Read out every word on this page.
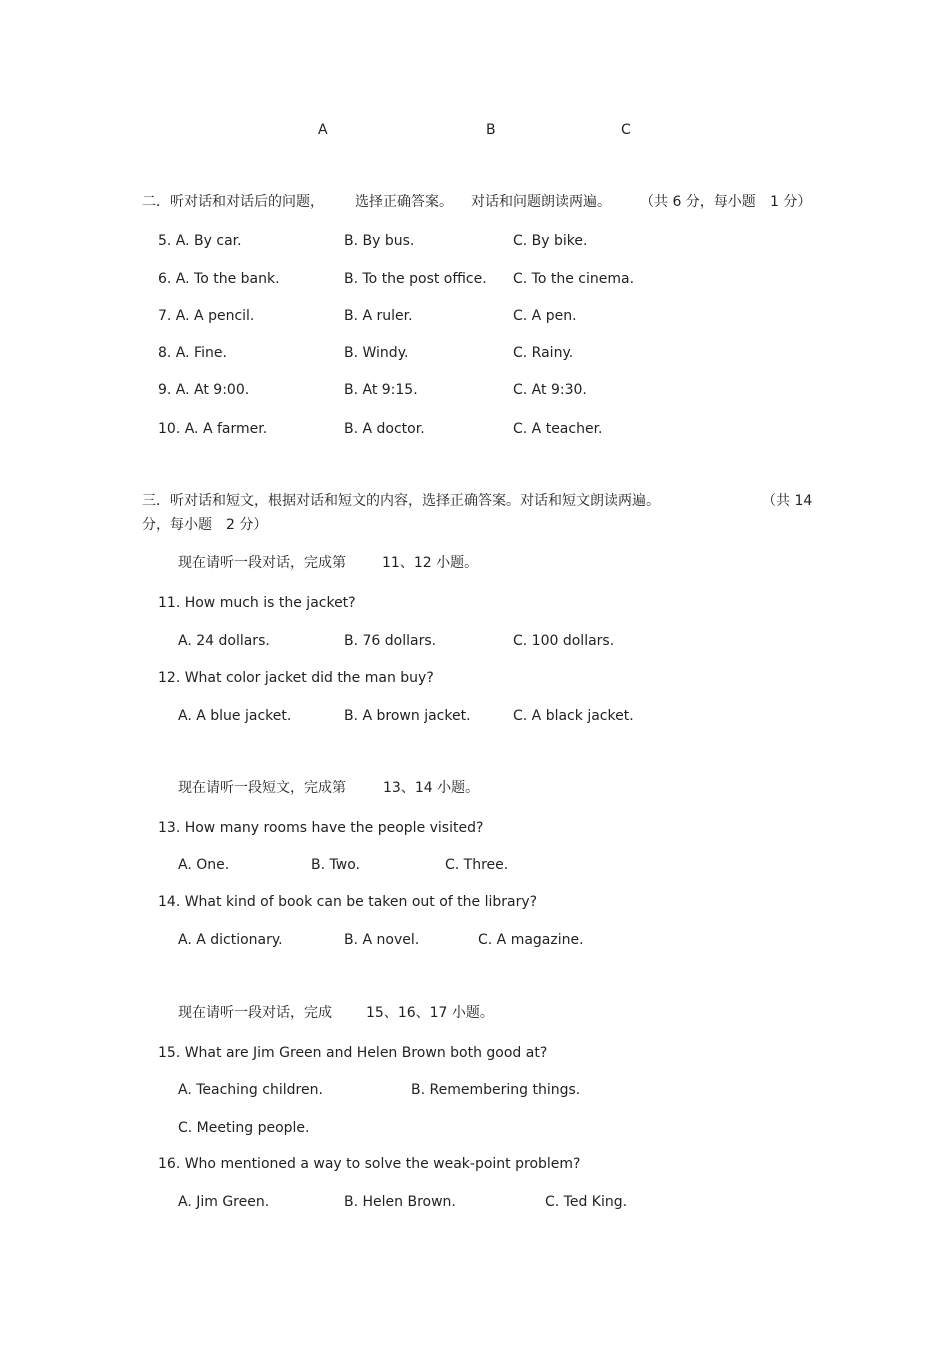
A	B	C
二．听对话和对话后的问题， 选择正确答案。 对话和问题朗读两遍。 （共 6 分，每小题 1 分）
5. A. By car.	B. By bus.	C. By bike.
6. A. To the bank.	B. To the post office. C. To the cinema.
7. A. A pencil.	B. A ruler.	C. A pen.
8. A. Fine.	B. Windy.	C. Rainy.
9. A. At 9:00.	B. At 9:15.	C. At 9:30.
10. A. A farmer.	B. A doctor.	C. A teacher.
三．听对话和短文，根据对话和短文的内容，选择正确答案。对话和短文朗读两遍。	（共 14
分，每小题　2 分）
现在请听一段对话，完成第	11、12 小题。
11. How much is the jacket?
A. 24 dollars.	B. 76 dollars.	C. 100 dollars.
12. What color jacket did the man buy?
A. A blue jacket.	B. A brown jacket.	C. A black jacket.
现在请听一段短文，完成第	13、14 小题。
13. How many rooms have the people visited?
A. One.	B. Two.	C. Three.
14. What kind of book can be taken out of the library?
A. A dictionary.	B. A novel.	C. A magazine.
现在请听一段对话，完成 15、16、17 小题。
15. What are Jim Green and Helen Brown both good at?
A. Teaching children.	B. Remembering things.
C. Meeting people.
16. Who mentioned a way to solve the weak-point problem?
A. Jim Green.	B. Helen Brown.	C. Ted King.
